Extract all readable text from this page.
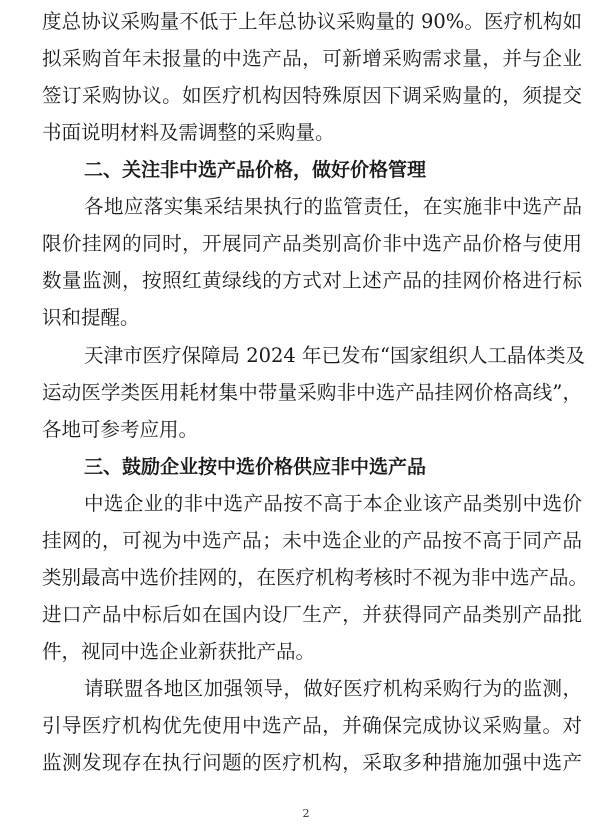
度总协议采购量不低于上年总协议采购量的 90%。医疗机构如
拟采购首年未报量的中选产品，可新增采购需求量，并与企业
签订采购协议。如医疗机构因特殊原因下调采购量的，须提交
书面说明材料及需调整的采购量。
二、关注非中选产品价格，做好价格管理
各地应落实集采结果执行的监管责任，在实施非中选产品
限价挂网的同时，开展同产品类别高价非中选产品价格与使用
数量监测，按照红黄绿线的方式对上述产品的挂网价格进行标
识和提醒。
天津市医疗保障局 2024 年已发布“国家组织人工晶体类及
运动医学类医用耗材集中带量采购非中选产品挂网价格高线”，
各地可参考应用。
三、鼓励企业按中选价格供应非中选产品
中选企业的非中选产品按不高于本企业该产品类别中选价
挂网的，可视为中选产品；未中选企业的产品按不高于同产品
类别最高中选价挂网的，在医疗机构考核时不视为非中选产品。
进口产品中标后如在国内设厂生产，并获得同产品类别产品批
件，视同中选企业新获批产品。
请联盟各地区加强领导，做好医疗机构采购行为的监测，
引导医疗机构优先使用中选产品，并确保完成协议采购量。对
监测发现存在执行问题的医疗机构，采取多种措施加强中选产
2
